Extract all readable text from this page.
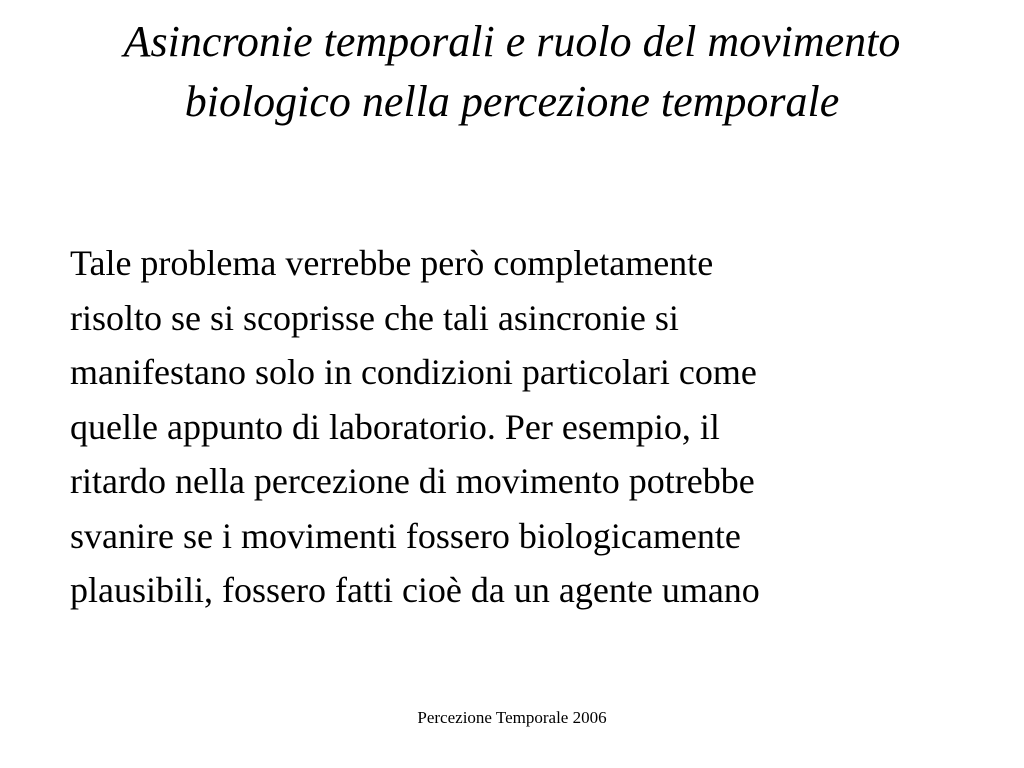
Asincronie temporali e ruolo del movimento
biologico nella percezione temporale
Tale problema verrebbe però completamente
risolto se si scoprisse che tali asincronie si
manifestano solo in condizioni particolari come
quelle appunto di laboratorio. Per esempio, il
ritardo nella percezione di movimento potrebbe
svanire se i movimenti fossero biologicamente
plausibili, fossero fatti cioè da un agente umano
Percezione Temporale 2006
